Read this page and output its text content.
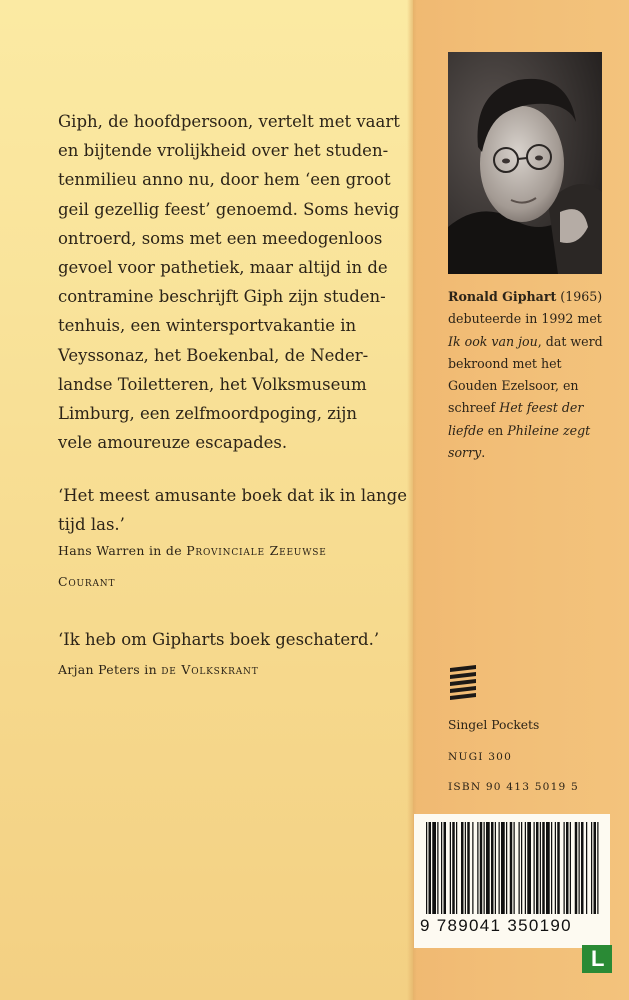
Giph, de hoofdpersoon, vertelt met vaart
en bijtende vrolijkheid over het studen-
tenmilieu anno nu, door hem ‘een groot
geil gezellig feest’ genoemd. Soms hevig
ontroerd, soms met een meedogenloos
gevoel voor pathetiek, maar altijd in de
contramine beschrijft Giph zijn studen-
tenhuis, een wintersportvakantie in
Veyssonaz, het Boekenbal, de Neder-
landse Toiletteren, het Volksmuseum
Limburg, een zelfmoordpoging, zijn
vele amoureuze escapades.

‘Het meest amusante boek dat ik in lange
tijd las.’

Hans Warren in de Provinciale Zeeuwse

Courant

‘Ik heb om Gipharts boek geschaterd.’

Arjan Peters in de Volkskrant

Ronald Giphart (1965) debuteerde in 1992 met Ik ook van jou, dat werd bekroond met het Gouden Ezelsoor, en schreef Het feest der liefde en Phileine zegt sorry.

Singel Pockets

NUGI 300

ISBN 90 413 5019 5

9 789041 350190

L
